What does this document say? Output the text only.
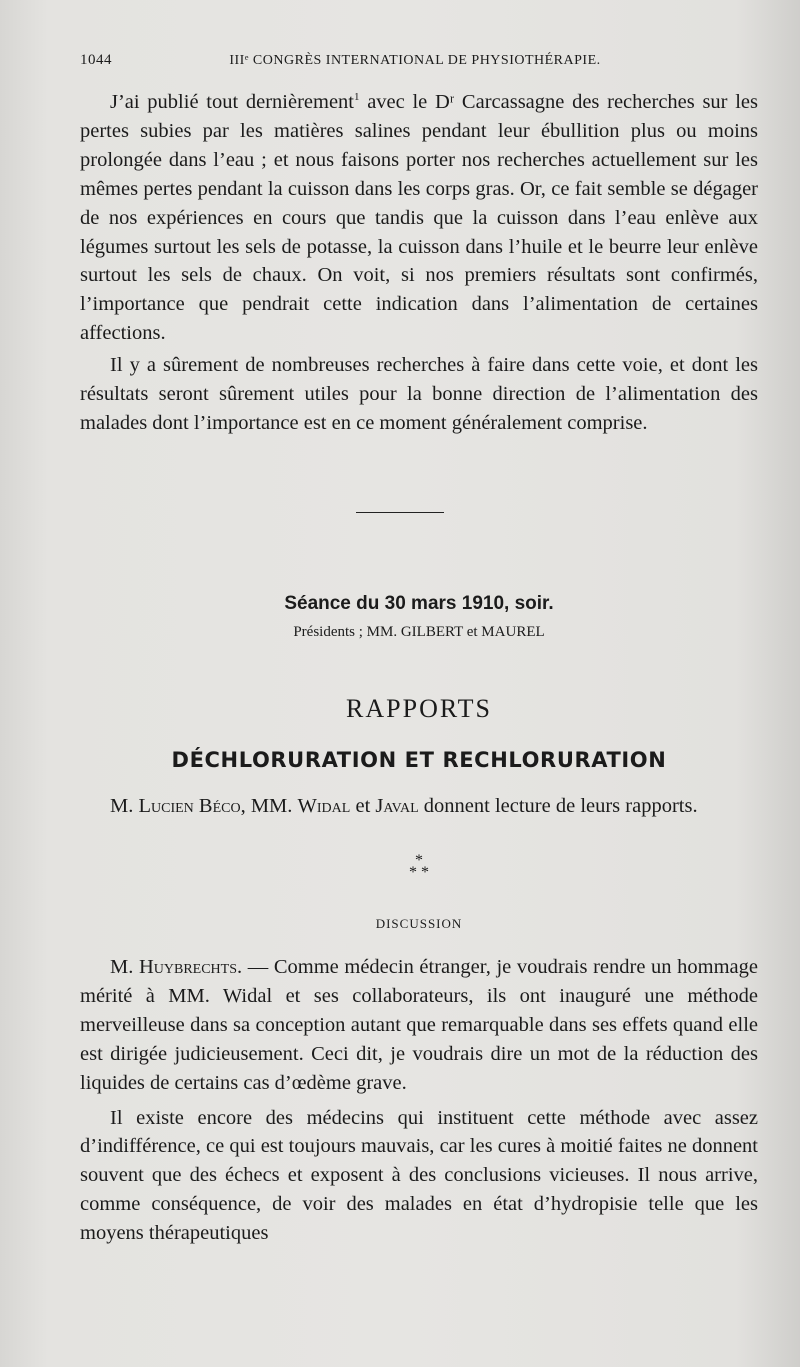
1044	IIIᵉ CONGRÈS INTERNATIONAL DE PHYSIOTHÉRAPIE.

J’ai publié tout dernièrement$^1$ avec le Dʳ Carcassagne des recherches sur les pertes subies par les matières salines pendant leur ébullition plus ou moins prolongée dans l’eau ; et nous faisons porter nos recherches actuellement sur les mêmes pertes pendant la cuisson dans les corps gras. Or, ce fait semble se dégager de nos expériences en cours que tandis que la cuisson dans l’eau enlève aux légumes surtout les sels de potasse, la cuisson dans l’huile et le beurre leur enlève surtout les sels de chaux. On voit, si nos premiers résultats sont confirmés, l’importance que pendrait cette indication dans l’alimentation de certaines affections.

Il y a sûrement de nombreuses recherches à faire dans cette voie, et dont les résultats seront sûrement utiles pour la bonne direction de l’alimentation des malades dont l’importance est en ce moment généralement comprise.

Séance du 30 mars 1910, soir.
Présidents ; MM. GILBERT et MAUREL
RAPPORTS
DÉCHLORURATION ET RECHLORURATION

M. Lucien Béco, MM. Widal et Javal donnent lecture de leurs rapports.

*
* *
DISCUSSION

M. Huybrechts. — Comme médecin étranger, je voudrais rendre un hommage mérité à MM. Widal et ses collaborateurs, ils ont inauguré une méthode merveilleuse dans sa conception autant que remarquable dans ses effets quand elle est dirigée judicieusement. Ceci dit, je voudrais dire un mot de la réduction des liquides de certains cas d’œdème grave.

Il existe encore des médecins qui instituent cette méthode avec assez d’indifférence, ce qui est toujours mauvais, car les cures à moitié faites ne donnent souvent que des échecs et exposent à des conclusions vicieuses. Il nous arrive, comme conséquence, de voir des malades en état d’hydropisie telle que les moyens thérapeutiques
